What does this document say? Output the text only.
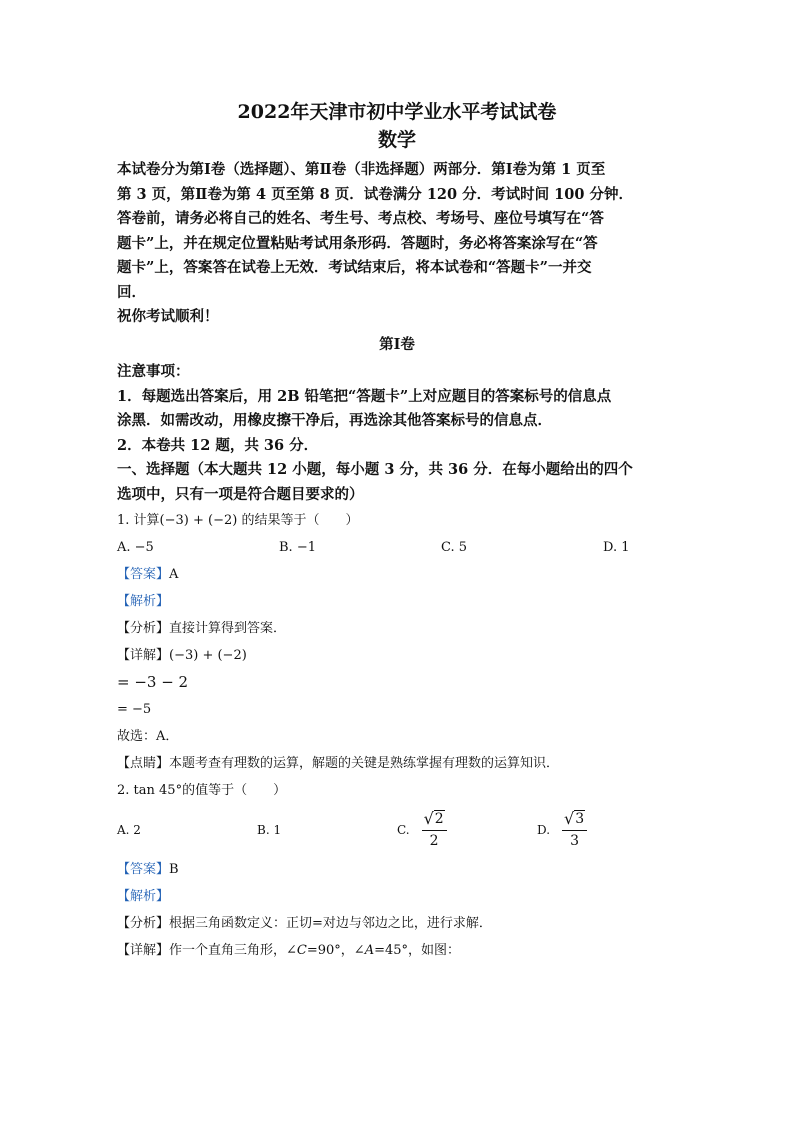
2022年天津市初中学业水平考试试卷

数学

本试卷分为第Ⅰ卷（选择题）、第Ⅱ卷（非选择题）两部分．第Ⅰ卷为第 1 页至

第 3 页，第Ⅱ卷为第 4 页至第 8 页．试卷满分 120 分．考试时间 100 分钟．

答卷前，请务必将自己的姓名、考生号、考点校、考场号、座位号填写在“答

题卡”上，并在规定位置粘贴考试用条形码．答题时，务必将答案涂写在“答

题卡”上，答案答在试卷上无效．考试结束后，将本试卷和“答题卡”一并交

回．

祝你考试顺利！

第Ⅰ卷

注意事项：

1．每题选出答案后，用 2B 铅笔把“答题卡”上对应题目的答案标号的信息点

涂黑．如需改动，用橡皮擦干净后，再选涂其他答案标号的信息点．

2．本卷共 12 题，共 36 分．

一、选择题（本大题共 12 小题，每小题 3 分，共 36 分．在每小题给出的四个

选项中，只有一项是符合题目要求的）

1. 计算(−3) + (−2) 的结果等于（　　）

A. −5	B. −1	C. 5	D. 1

【答案】A

【解析】

【分析】直接计算得到答案．

【详解】(−3) + (−2)

= −3 − 2

= −5

故选：A．

【点睛】本题考查有理数的运算，解题的关键是熟练掌握有理数的运算知识．

2. tan 45°的值等于（　　）

A. 2	B. 1	C. $\frac{√ 2}{2}$	D. $\frac{√ 3}{3}$

【答案】B

【解析】

【分析】根据三角函数定义：正切=对边与邻边之比，进行求解．

【详解】作一个直角三角形，∠C=90°，∠A=45°，如图：
